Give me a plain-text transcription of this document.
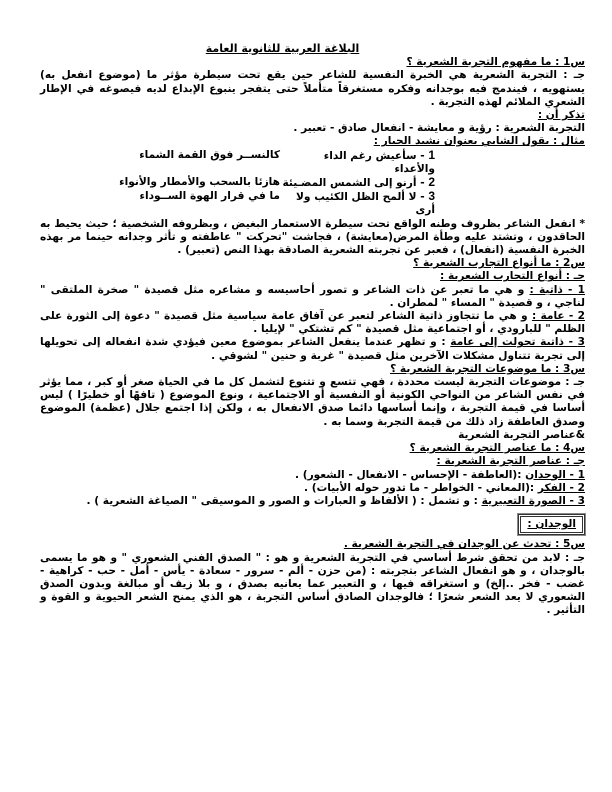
البلاغة العربية للثانوية العامة
س1 : ما مفهوم التجربة الشعرية ؟
جـ : التجربة الشعرية هي الخبرة النفسية للشاعر حين يقع تحت سيطرة مؤثر ما (موضوع انفعل به) يستهويه ، فيندمج فيه بوجدانه وفكره مستغرقاً متأملاً حتى يتفجر ينبوع الإبداع لديه فيصوغه في الإطار الشعري الملائم لهذه التجربة .
تذكر أن :
التجربة الشعرية : رؤية و معايشة - انفعال صادق - تعبير .
مثال : يقول الشابي بعنوان نشيد الجبار :
1 - سأعيش رغم الداء والأعداء
كالنســر فوق القمة الشماء
2 - أرنو إلى الشمس المضـيئة
هازئا بالسحب والأمطار والأنواء
3 - لا ألمح الظل الكئيب ولا أرى
ما في قرار الهوة الســوداء
* انفعل الشاعر بظروف وطنه الواقع تحت سيطرة الاستعمار البغيض ، وبظروفه الشخصية ؛ حيث يحيط به الحاقدون ، وتشتد عليه وطأة المرض(معايشة) ، فجاشت "تحركت " عاطفته و تأثر وجدانه حينما مر بهذه الخبرة النفسية (انفعال) ، فعبر عن تجربته الشعرية الصادقة بهذا النص (تعبير) .
س2 : ما أنواع التجارب الشعرية ؟
جـ : أنواع التجارب الشعرية :
1 - ذاتية : و هي ما تعبر عن ذات الشاعر و تصور أحاسيسه و مشاعره مثل قصيدة " صخرة الملتقى " لناجي ، و قصيدة " المساء " لمطران .
2 - عامة : و هي ما تتجاوز ذاتية الشاعر لتعبر عن آفاق عامة سياسية مثل قصيدة " دعوة إلى الثورة على الظلم " للبارودي ، أو اجتماعية مثل قصيدة " كم تشتكي " لإيليا .
3 - ذاتية تحولت إلى عامة : و تظهر عندما ينفعل الشاعر بموضوع معين فيؤدي شدة انفعاله إلى تحويلها إلى تجربة تتناول مشكلات الآخرين مثل قصيدة " غربة و حنين " لشوقي .
س3 : ما موضوعات التجربة الشعرية ؟
جـ : موضوعات التجربة ليست محددة ، فهي تتسع و تتنوع لتشمل كل ما في الحياة صغر أو كبر ، مما يؤثر في نفس الشاعر من النواحي الكونية أو النفسية أو الاجتماعية ، ونوع الموضوع ( تافهًا أو خطيرًا ) ليس أساسا في قيمة التجربة ، وإنما أساسها دائما صدق الانفعال به ، ولكن إذا اجتمع جلال (عظمة) الموضوع وصدق العاطفة زاد ذلك من قيمة التجربة وسما به .
&عناصر التجربة الشعرية
س4 : ما عناصر التجربة الشعرية ؟
جـ : عناصر التجربة الشعرية :
1 - الوجدان :(العاطفة - الإحساس - الانفعال - الشعور) .
2 - الفكر :(المعاني - الخواطر - ما تدور حوله الأبيات) .
3 - الصورة التعبيرية : و تشمل : ( الألفاظ و العبارات و الصور و الموسيقى " الصياغة الشعرية ) .
الوجدان :
س5 : تحدث عن الوجدان في التجربة الشعرية .
جـ : لابد من تحقق شرط أساسي في التجربة الشعرية و هو : " الصدق الفني الشعوري " و هو ما يسمى بالوجدان ، و هو انفعال الشاعر بتجربته : (من حزن - ألم - سرور - سعادة - يأس - أمل - حب - كراهية - غضب - فخر ..إلخ) و استغراقه فيها ، و التعبير عما يعانيه بصدق ، و بلا زيف أو مبالغة وبدون الصدق الشعوري لا يعد الشعر شعرًا ؛ فالوجدان الصادق أساس التجربة ، هو الذي يمنح الشعر الحيوية و القوة و التأثير .
